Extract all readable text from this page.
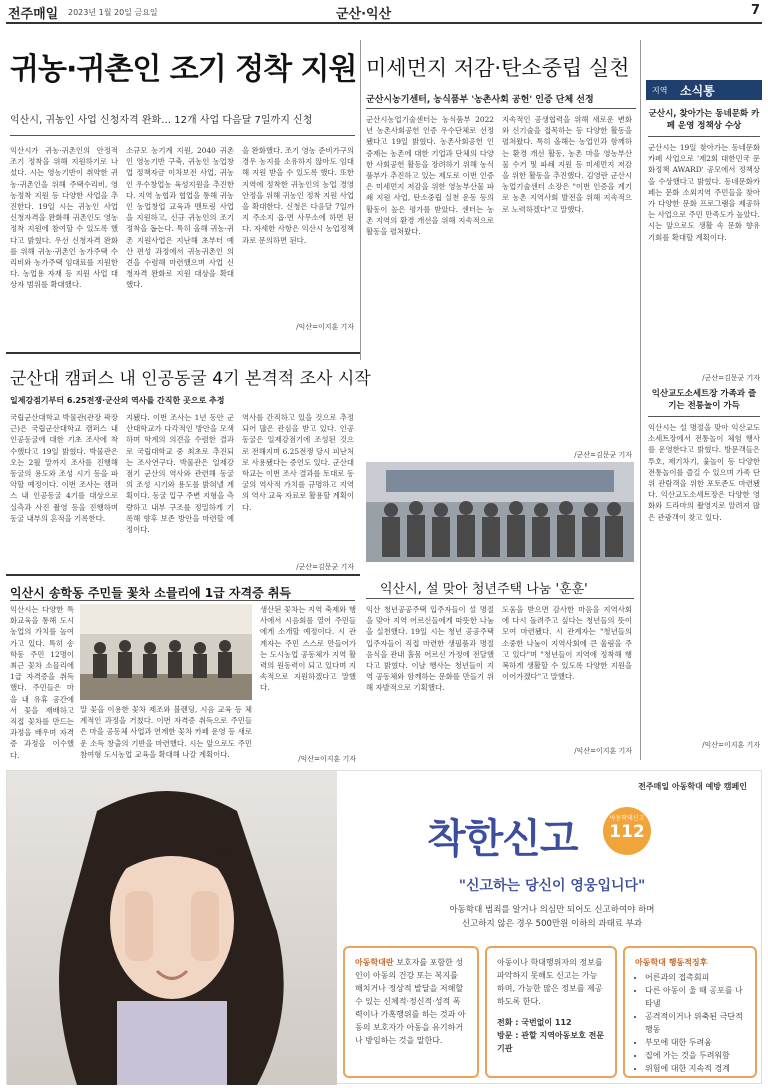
전주매일 2023년 1월 20일 금요일	군산·익산	7
귀농·귀촌인 조기 정착 지원
익산시, 귀농인 사업 신청자격 완화… 12개 사업 다음달 7일까지 신청
익산시가 귀농·귀촌인의 안정적 조기 정착을 위해 지원하기로 나섰다. 시는 영농기반이 취약한 귀농·귀촌인을 위해 주택수리비, 영농정착 지원 등 다양한 사업을 추진한다. 19일 시는 귀농인 사업 신청자격을 완화해 귀촌인도 영농정착 지원에 참여할 수 있도록 했다고 밝혔다. 우선 신청자격 완화를 위해 귀농·귀촌인 농가주택 수리비와 농가주택 임대료를 지원한다. 농업용 자재 등 지원 사업 대상자 범위를 확대했다.
소규모 농기계 지원, 2040 귀촌인 영농기반 구축, 귀농인 농업창업 정책자금 이차보전 사업, 귀농인 우수창업농 육성지원을 추진한다. 지역 농협과 협업을 통해 귀농인 농업창업 교육과 멘토링 사업을 지원하고, 신규 귀농인의 조기 정착을 돕는다. 특히 올해 귀농·귀촌 지원사업은 지난해 초부터 예산 편성 과정에서 귀농귀촌인 의견을 수렴해 마련했으며 사업 신청자격 완화로 지원 대상을 확대했다.
을 완화했다. 조기 영농 준비가구의 경우 농지를 소유하지 않아도 임대해 지원 받을 수 있도록 했다. 또한 지역에 정착한 귀농인의 농업 경영 안정을 위해 귀농인 정착 지원 사업을 확대한다. 신청은 다음달 7일까지 주소지 읍·면 사무소에 하면 된다. 자세한 사항은 익산시 농업정책과로 문의하면 된다.
/익산=이지훈 기자
미세먼지 저감·탄소중립 실천
군산시농기센터, 농식품부 '농촌사회 공헌' 인증 단체 선정
군산시농업기술센터는 농식품부 2022년 농촌사회공헌 인증 우수단체로 선정됐다고 19일 밝혔다. 농촌사회공헌 인증제는 농촌에 대한 기업과 단체의 다양한 사회공헌 활동을 장려하기 위해 농식품부가 추진하고 있는 제도로 이번 인증은 미세먼지 저감을 위한 영농부산물 파쇄 지원 사업, 탄소중립 실천 운동 등의 활동이 높은 평가를 받았다. 센터는 농촌 지역의 환경 개선을 위해 지속적으로 활동을 펼쳐왔다.
지속적인 공생협력을 위해 새로운 변화와 신기술을 접목하는 등 다양한 활동을 펼쳐왔다. 특히 올해는 농업인과 함께하는 환경 개선 활동, 농촌 마을 영농부산물 수거 및 파쇄 지원 등 미세먼지 저감을 위한 활동을 추진했다. 김영란 군산시농업기술센터 소장은 "이번 인증을 계기로 농촌 지역사회 발전을 위해 지속적으로 노력하겠다"고 말했다.
/군산=김문균 기자
지역 소식통
군산시, 찾아가는 동네문화 카페 운영 정책상 수상
군산시는 19일 찾아가는 동네문화카페 사업으로 '제2회 대한민국 문화정책 AWARD' 공모에서 정책상을 수상했다고 밝혔다. 동네문화카페는 문화 소외지역 주민들을 찾아가 다양한 문화 프로그램을 제공하는 사업으로 주민 만족도가 높았다. 시는 앞으로도 생활 속 문화 향유 기회를 확대할 계획이다.
/군산=김문균 기자
익산교도소세트장 가족과 즐기는 전통놀이 가득
익산시는 설 명절을 맞아 익산교도소세트장에서 전통놀이 체험 행사를 운영한다고 밝혔다. 방문객들은 투호, 제기차기, 윷놀이 등 다양한 전통놀이를 즐길 수 있으며 가족 단위 관람객을 위한 포토존도 마련됐다. 익산교도소세트장은 다양한 영화와 드라마의 촬영지로 알려져 많은 관광객이 찾고 있다.
/익산=이지훈 기자
군산대 캠퍼스 내 인공동굴 4기 본격적 조사 시작
일제강점기부터 6.25전쟁·군산의 역사를 간직한 곳으로 추정
국립군산대학교 박물관(관장 곽장근)은 국립군산대학교 캠퍼스 내 인공동굴에 대한 기초 조사에 착수했다고 19일 밝혔다. 박물관은 오는 2월 말까지 조사를 진행해 동굴의 용도와 조성 시기 등을 파악할 예정이다. 이번 조사는 캠퍼스 내 인공동굴 4기를 대상으로 실측과 사진 촬영 등을 진행하며 동굴 내부의 흔적을 기록한다.
지됐다. 이번 조사는 1년 동안 군산대학교가 다각적인 방안을 모색하며 학계의 의견을 수렴한 결과로 국립대학교 중 최초로 추진되는 조사연구다. 박물관은 일제강점기 군산의 역사와 관련해 동굴의 조성 시기와 용도를 밝혀낼 계획이다. 동굴 입구 주변 지형을 측량하고 내부 구조를 정밀하게 기록해 향후 보존 방안을 마련할 예정이다.
역사를 간직하고 있을 것으로 추정되어 많은 관심을 받고 있다. 인공동굴은 일제강점기에 조성된 것으로 전해지며 6.25전쟁 당시 피난처로 사용됐다는 증언도 있다. 군산대학교는 이번 조사 결과를 토대로 동굴의 역사적 가치를 규명하고 지역의 역사 교육 자료로 활용할 계획이다.
/군산=김문균 기자
익산시, 설 맞아 청년주택 나눔 '훈훈'
익산 청년공공주택 입주자들이 설 명절을 맞아 지역 어르신들에게 따뜻한 나눔을 실천했다. 19일 시는 청년 공공주택 입주자들이 직접 마련한 생필품과 명절 음식을 관내 홀몸 어르신 가정에 전달했다고 밝혔다. 이날 행사는 청년들이 지역 공동체와 함께하는 문화를 만들기 위해 자발적으로 기획했다.
도움을 받으면 감사한 마음을 지역사회에 다시 돌려주고 싶다는 청년들의 뜻이 모여 마련됐다. 시 관계자는 "청년들의 소중한 나눔이 지역사회에 큰 울림을 주고 있다"며 "청년들이 지역에 정착해 행복하게 생활할 수 있도록 다양한 지원을 이어가겠다"고 말했다.
/익산=이지훈 기자
익산시 송학동 주민들 꽃차 소믈리에 1급 자격증 취득
익산시는 다양한 특화교육을 통해 도시농업의 가치를 높여가고 있다. 특히 송학동 주민 12명이 최근 꽃차 소믈리에 1급 자격증을 취득했다. 주민들은 마을 내 유휴 공간에서 꽃을 재배하고 직접 꽃차를 만드는 과정을 배우며 자격증 과정을 이수했다.
생산된 꽃차는 지역 축제와 행사에서 시음회를 열어 주민들에게 소개할 예정이다. 시 관계자는 주민 스스로 만들어가는 도시농업 공동체가 지역 활력의 원동력이 되고 있다며 지속적으로 지원하겠다고 말했다.
말 꽃을 이용한 꽃차 제조와 블렌딩, 시음 교육 등 체계적인 과정을 거쳤다. 이번 자격증 취득으로 주민들은 마을 공동체 사업과 연계한 꽃차 카페 운영 등 새로운 소득 창출의 기반을 마련했다. 시는 앞으로도 주민 참여형 도시농업 교육을 확대해 나갈 계획이다.
/익산=이지훈 기자
전주매일 아동학대 예방 캠페인
착한신고	아동학대신고
112
"신고하는 당신이 영웅입니다"
아동학대 범죄를 알거나 의심만 되어도 신고하여야 하며
신고하지 않은 경우 500만원 이하의 과태료 부과
아동학대란 보호자를 포함한 성인이 아동의 건강 또는 복지를 해치거나 정상적 발달을 저해할 수 있는 신체적·정신적·성적 폭력이나 가혹행위를 하는 것과 아동의 보호자가 아동을 유기하거나 방임하는 것을 말한다.
아동이나 학대행위자의 정보를 파악하지 못해도 신고는 가능하며, 가능한 많은 정보를 제공하도록 한다.
전화 : 국번없이 112
방문 : 관할 지역아동보호 전문기관
아동학대 행동적징후
• 어른과의 접촉회피
• 다른 아동이 울 때 공포를 나타냄
• 공격적이거나 위축된 극단적 행동
• 부모에 대한 두려움
• 집에 가는 것을 두려워함
• 위험에 대한 지속적 경계
